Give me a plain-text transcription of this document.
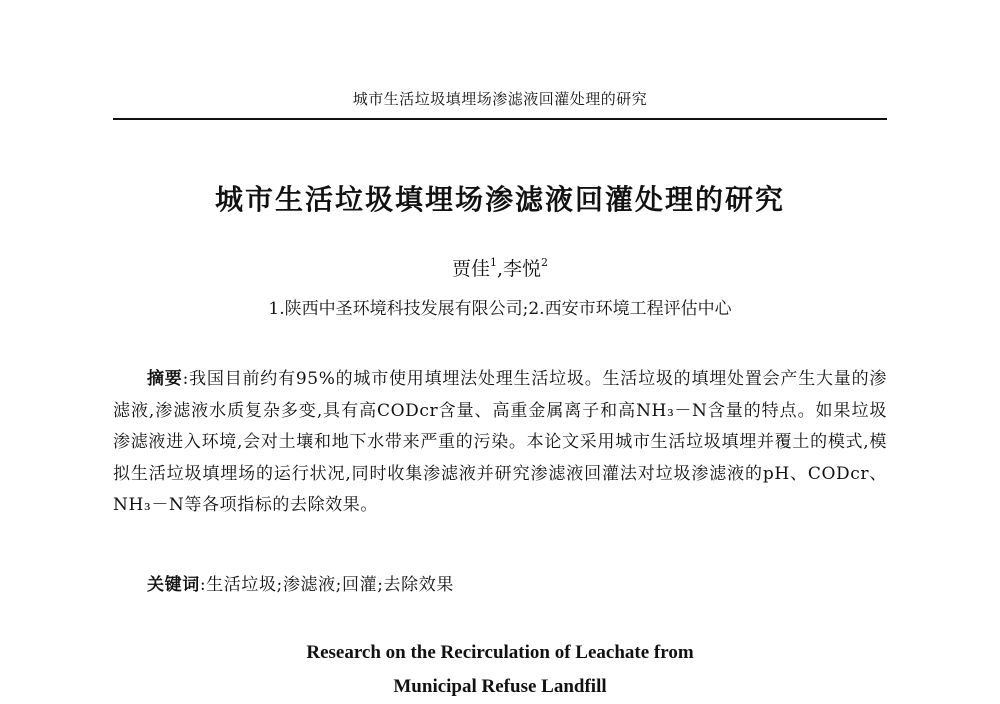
城市生活垃圾填埋场渗滤液回灌处理的研究
城市生活垃圾填埋场渗滤液回灌处理的研究
贾佳$^1$,李悦$^2$
1.陕西中圣环境科技发展有限公司;2.西安市环境工程评估中心
摘要:我国目前约有95%的城市使用填埋法处理生活垃圾。生活垃圾的填埋处置会产生大量的渗滤液,渗滤液水质复杂多变,具有高CODcr含量、高重金属离子和高NH₃－N含量的特点。如果垃圾渗滤液进入环境,会对土壤和地下水带来严重的污染。本论文采用城市生活垃圾填埋并覆土的模式,模拟生活垃圾填埋场的运行状况,同时收集渗滤液并研究渗滤液回灌法对垃圾渗滤液的pH、CODcr、NH₃－N等各项指标的去除效果。
关键词:生活垃圾;渗滤液;回灌;去除效果
Research on the Recirculation of Leachate from
Municipal Refuse Landfill
